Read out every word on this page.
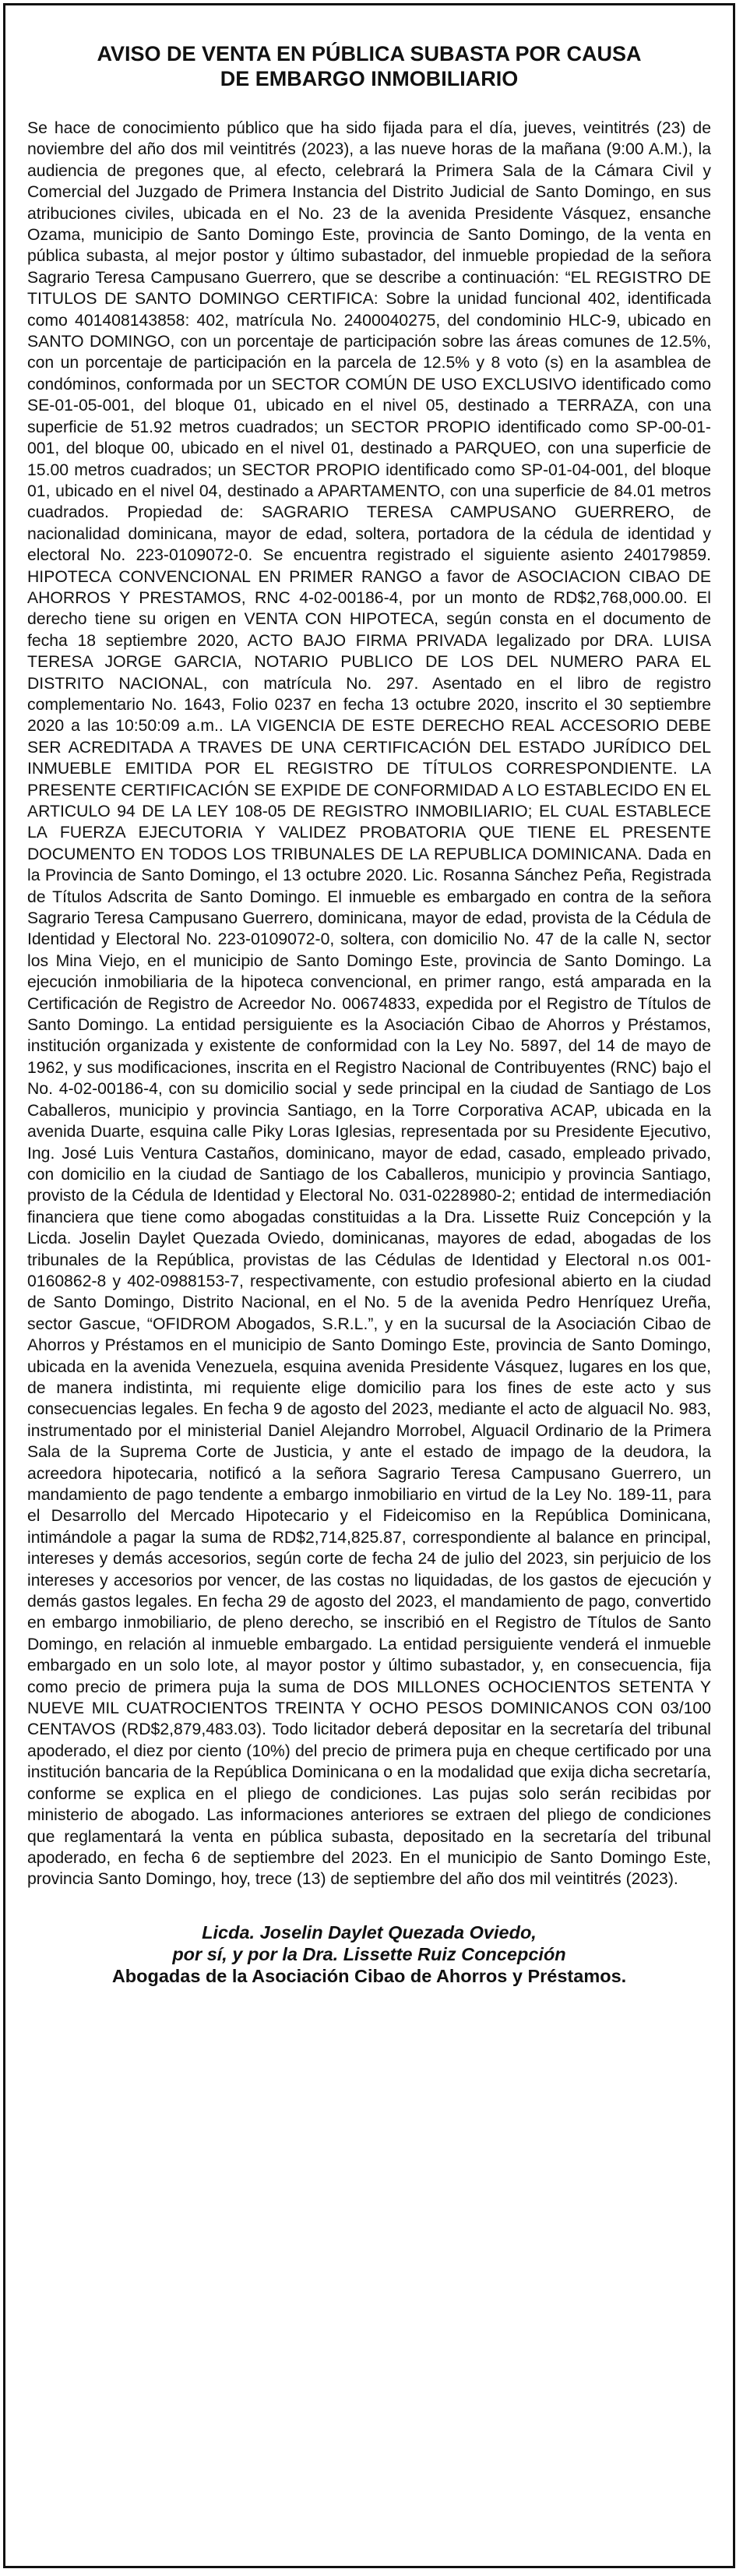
AVISO DE VENTA EN PÚBLICA SUBASTA POR CAUSA
DE EMBARGO INMOBILIARIO

Se hace de conocimiento público que ha sido fijada para el día, jueves, veintitrés (23) de noviembre del año dos mil veintitrés (2023), a las nueve horas de la mañana (9:00 A.M.), la audiencia de pregones que, al efecto, celebrará la Primera Sala de la Cámara Civil y Comercial del Juzgado de Primera Instancia del Distrito Judicial de Santo Domingo, en sus atribuciones civiles, ubicada en el No. 23 de la avenida Presidente Vásquez, ensanche Ozama, municipio de Santo Domingo Este, provincia de Santo Domingo, de la venta en pública subasta, al mejor postor y último subastador, del inmueble propiedad de la señora Sagrario Teresa Campusano Guerrero, que se describe a continuación: “EL REGISTRO DE TITULOS DE SANTO DOMINGO CERTIFICA: Sobre la unidad funcional 402, identificada como 401408143858: 402, matrícula No. 2400040275, del condominio HLC-9, ubicado en SANTO DOMINGO, con un porcentaje de participación sobre las áreas comunes de 12.5%, con un porcentaje de participación en la parcela de 12.5% y 8 voto (s) en la asamblea de condóminos, conformada por un SECTOR COMÚN DE USO EXCLUSIVO identificado como SE-01-05-001, del bloque 01, ubicado en el nivel 05, destinado a TERRAZA, con una superficie de 51.92 metros cuadrados; un SECTOR PROPIO identificado como SP-00-01-001, del bloque 00, ubicado en el nivel 01, destinado a PARQUEO, con una superficie de 15.00 metros cuadrados; un SECTOR PROPIO identificado como SP-01-04-001, del bloque 01, ubicado en el nivel 04, destinado a APARTAMENTO, con una superficie de 84.01 metros cuadrados. Propiedad de: SAGRARIO TERESA CAMPUSANO GUERRERO, de nacionalidad dominicana, mayor de edad, soltera, portadora de la cédula de identidad y electoral No. 223-0109072-0. Se encuentra registrado el siguiente asiento 240179859. HIPOTECA CONVENCIONAL EN PRIMER RANGO a favor de ASOCIACION CIBAO DE AHORROS Y PRESTAMOS, RNC 4-02-00186-4, por un monto de RD$2,768,000.00. El derecho tiene su origen en VENTA CON HIPOTECA, según consta en el documento de fecha 18 septiembre 2020, ACTO BAJO FIRMA PRIVADA legalizado por DRA. LUISA TERESA JORGE GARCIA, NOTARIO PUBLICO DE LOS DEL NUMERO PARA EL DISTRITO NACIONAL, con matrícula No. 297. Asentado en el libro de registro complementario No. 1643, Folio 0237 en fecha 13 octubre 2020, inscrito el 30 septiembre 2020 a las 10:50:09 a.m.. LA VIGENCIA DE ESTE DERECHO REAL ACCESORIO DEBE SER ACREDITADA A TRAVES DE UNA CERTIFICACIÓN DEL ESTADO JURÍDICO DEL INMUEBLE EMITIDA POR EL REGISTRO DE TÍTULOS CORRESPONDIENTE. LA PRESENTE CERTIFICACIÓN SE EXPIDE DE CONFORMIDAD A LO ESTABLECIDO EN EL ARTICULO 94 DE LA LEY 108-05 DE REGISTRO INMOBILIARIO; EL CUAL ESTABLECE LA FUERZA EJECUTORIA Y VALIDEZ PROBATORIA QUE TIENE EL PRESENTE DOCUMENTO EN TODOS LOS TRIBUNALES DE LA REPUBLICA DOMINICANA. Dada en la Provincia de Santo Domingo, el 13 octubre 2020. Lic. Rosanna Sánchez Peña, Registrada de Títulos Adscrita de Santo Domingo. El inmueble es embargado en contra de la señora Sagrario Teresa Campusano Guerrero, dominicana, mayor de edad, provista de la Cédula de Identidad y Electoral No. 223-0109072-0, soltera, con domicilio No. 47 de la calle N, sector los Mina Viejo, en el municipio de Santo Domingo Este, provincia de Santo Domingo. La ejecución inmobiliaria de la hipoteca convencional, en primer rango, está amparada en la Certificación de Registro de Acreedor No. 00674833, expedida por el Registro de Títulos de Santo Domingo. La entidad persiguiente es la Asociación Cibao de Ahorros y Préstamos, institución organizada y existente de conformidad con la Ley No. 5897, del 14 de mayo de 1962, y sus modificaciones, inscrita en el Registro Nacional de Contribuyentes (RNC) bajo el No. 4-02-00186-4, con su domicilio social y sede principal en la ciudad de Santiago de Los Caballeros, municipio y provincia Santiago, en la Torre Corporativa ACAP, ubicada en la avenida Duarte, esquina calle Piky Loras Iglesias, representada por su Presidente Ejecutivo, Ing. José Luis Ventura Castaños, dominicano, mayor de edad, casado, empleado privado, con domicilio en la ciudad de Santiago de los Caballeros, municipio y provincia Santiago, provisto de la Cédula de Identidad y Electoral No. 031-0228980-2; entidad de intermediación financiera que tiene como abogadas constituidas a la Dra. Lissette Ruiz Concepción y la Licda. Joselin Daylet Quezada Oviedo, dominicanas, mayores de edad, abogadas de los tribunales de la República, provistas de las Cédulas de Identidad y Electoral n.os 001-0160862-8 y 402-0988153-7, respectivamente, con estudio profesional abierto en la ciudad de Santo Domingo, Distrito Nacional, en el No. 5 de la avenida Pedro Henríquez Ureña, sector Gascue, “OFIDROM Abogados, S.R.L.”, y en la sucursal de la Asociación Cibao de Ahorros y Préstamos en el municipio de Santo Domingo Este, provincia de Santo Domingo, ubicada en la avenida Venezuela, esquina avenida Presidente Vásquez, lugares en los que, de manera indistinta, mi requiente elige domicilio para los fines de este acto y sus consecuencias legales. En fecha 9 de agosto del 2023, mediante el acto de alguacil No. 983, instrumentado por el ministerial Daniel Alejandro Morrobel, Alguacil Ordinario de la Primera Sala de la Suprema Corte de Justicia, y ante el estado de impago de la deudora, la acreedora hipotecaria, notificó a la señora Sagrario Teresa Campusano Guerrero, un mandamiento de pago tendente a embargo inmobiliario en virtud de la Ley No. 189-11, para el Desarrollo del Mercado Hipotecario y el Fideicomiso en la República Dominicana, intimándole a pagar la suma de RD$2,714,825.87, correspondiente al balance en principal, intereses y demás accesorios, según corte de fecha 24 de julio del 2023, sin perjuicio de los intereses y accesorios por vencer, de las costas no liquidadas, de los gastos de ejecución y demás gastos legales. En fecha 29 de agosto del 2023, el mandamiento de pago, convertido en embargo inmobiliario, de pleno derecho, se inscribió en el Registro de Títulos de Santo Domingo, en relación al inmueble embargado. La entidad persiguiente venderá el inmueble embargado en un solo lote, al mayor postor y último subastador, y, en consecuencia, fija como precio de primera puja la suma de DOS MILLONES OCHOCIENTOS SETENTA Y NUEVE MIL CUATROCIENTOS TREINTA Y OCHO PESOS DOMINICANOS CON 03/100 CENTAVOS (RD$2,879,483.03). Todo licitador deberá depositar en la secretaría del tribunal apoderado, el diez por ciento (10%) del precio de primera puja en cheque certificado por una institución bancaria de la República Dominicana o en la modalidad que exija dicha secretaría, conforme se explica en el pliego de condiciones. Las pujas solo serán recibidas por ministerio de abogado. Las informaciones anteriores se extraen del pliego de condiciones que reglamentará la venta en pública subasta, depositado en la secretaría del tribunal apoderado, en fecha 6 de septiembre del 2023. En el municipio de Santo Domingo Este, provincia Santo Domingo, hoy, trece (13) de septiembre del año dos mil veintitrés (2023).

Licda. Joselin Daylet Quezada Oviedo,
por sí, y por la Dra. Lissette Ruiz Concepción
Abogadas de la Asociación Cibao de Ahorros y Préstamos.
